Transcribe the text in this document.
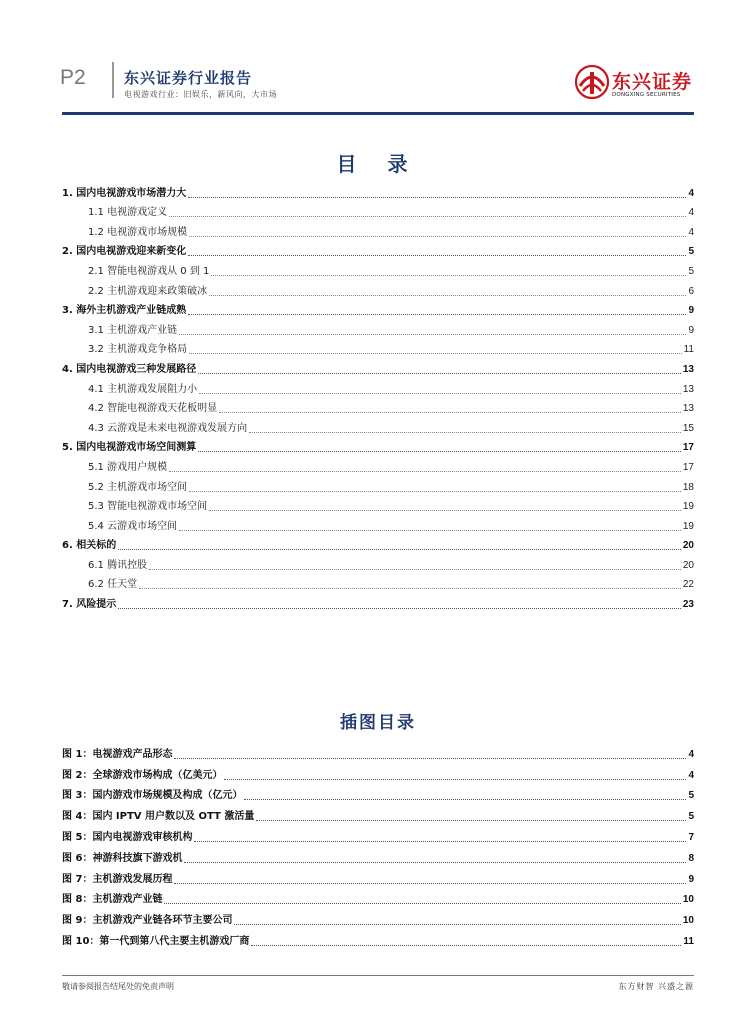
P2	东兴证券行业报告
电视游戏行业：旧娱乐，新风向，大市场
东兴证券
DONGXING SECURITIES
目 录
1. 国内电视游戏市场潜力大	4
1.1 电视游戏定义	4
1.2 电视游戏市场规模	4
2. 国内电视游戏迎来新变化	5
2.1 智能电视游戏从 0 到 1	5
2.2 主机游戏迎来政策破冰	6
3. 海外主机游戏产业链成熟	9
3.1 主机游戏产业链	9
3.2 主机游戏竞争格局	11
4. 国内电视游戏三种发展路径	13
4.1 主机游戏发展阻力小	13
4.2 智能电视游戏天花板明显	13
4.3 云游戏是未来电视游戏发展方向	15
5. 国内电视游戏市场空间测算	17
5.1 游戏用户规模	17
5.2 主机游戏市场空间	18
5.3 智能电视游戏市场空间	19
5.4 云游戏市场空间	19
6. 相关标的	20
6.1 腾讯控股	20
6.2 任天堂	22
7. 风险提示	23
插图目录
图 1：电视游戏产品形态	4
图 2：全球游戏市场构成（亿美元）	4
图 3：国内游戏市场规模及构成（亿元）	5
图 4：国内 IPTV 用户数以及 OTT 激活量	5
图 5：国内电视游戏审核机构	7
图 6：神游科技旗下游戏机	8
图 7：主机游戏发展历程	9
图 8：主机游戏产业链	10
图 9：主机游戏产业链各环节主要公司	10
图 10：第一代到第八代主要主机游戏厂商	11
敬请参阅报告结尾处的免责声明	东方财智 兴盛之源
